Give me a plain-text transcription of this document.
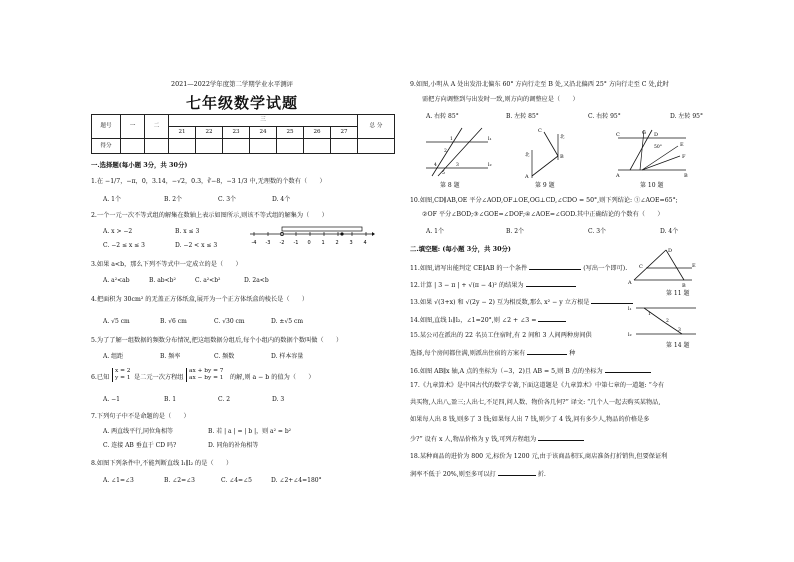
2021—2022学年度第二学期学业水平测评
七年级数学试题
题号	一	二	三							总 分
			21	22	23	24	25	26	27	
得分										
一.选择题(每小题 3分，共 30分)
1.在 −1/7，−π，0，3.14，−√2，0.3，∛−8，−3 1/3 中,无理数的个数有（　　）
A. 1个	B. 2个	C. 3个	D. 4个
2.一个一元一次不等式组的解集在数轴上表示如图所示,则该不等式组的解集为（　　）
A. x > −2	B. x ≤ 3
C. −2 ≤ x ≤ 3	D. −2 < x ≤ 3	-4 -3 -2 -1 0 1 2 3 4
3.如果 a<b，那么下列不等式中一定成立的是（　　）
A. a²<ab	B. ab<b²	C. a²<b²	D. 2a<b
4.把面积为 30cm² 的无盖正方体纸盒,展开为一个正方体纸盒的棱长是（　　）
A. √5 cm	B. √6 cm	C. √30 cm	D. ±√5 cm
5.为了了解一组数据的频数分布情况,把这组数据分组后,每个小组内的数据个数叫做（　　）
A. 组距	B. 频率	C. 频数	D. 样本容量
6.已知
x = 2
y = 1 是二元一次方程组
ax + by = 7
ax − by = 1 的解,则 a − b 的值为（　　）
A. −1	B. 1	C. 2	D. 3
7.下列句子中不是命题的是（　　）
A. 两直线平行,同位角相等	B. 若 | a | = | b |，则 a² = b²
C. 连接 AB 垂直于 CD 吗?	D. 同角的补角相等
8.如图下列条件中,不能判断直线 l₁∥l₂ 的是（　　）
A. ∠1=∠3	B. ∠2=∠3	C. ∠4=∠5	D. ∠2+∠4=180°
9.如图,小明从 A 处出发沿北偏东 60° 方向行走至 B 处,又沿北偏西 25° 方向行走至 C 处,此时
需把方向调整到与出发时一致,则方向的调整应是（　　）
A. 右转 85°	B. 左转 85°	C. 右转 95°	D. 左转 95°
l₁
l₂
1
2
3
4
5
第 8 题
C
北
A
B
北
第 9 题
C	G D
A
E
B
F
50°
第 10 题
10.如图,CD∥AB,OE 平分∠AOD,OF⊥OE,OG⊥CD,∠CDO = 50°,则下列结论: ①∠AOE=65°;
②OF 平分∠BOD;③∠GOE=∠DOF;④∠AOE=∠GOD.其中正确结论的个数有（　　）
A. 1个	B. 2个	C. 3个	D. 4个
二.填空题: (每小题 3分，共 30分)
11.如图,请写出能判定 CE∥AB 的一个条件	(写出一个即可).
12.计算 | 3 − π | + √(π − 4)² 的结果为
13.如果 √(3+x) 和 √(2y − 2) 互为相反数,那么 x² − y 立方根是
14.如图,直线 l₁∥l₂，∠1=20°,则 ∠2 + ∠3 =
15.某公司在派出的 22 名员工住宿时,有 2 间和 3 人间两种房间供
选择,每个房间都住满,则派出住宿的方案有	种
D
C	E
A	B
第 11 题
l₁
l₂
1
2
3
第 14 题
16.如图 AB∥x 轴,A 点的坐标为（−3，2)且 AB = 5,则 B 点的坐标为
17.《九章算术》是中国古代的数学专著,下面这道题是《九章算术》中第七章的一道题: “今有
共买物,人出八,盈三;人出七,不足四,问人数、物价各几何?” 译文: “几个人一起去购买某物品,
如果每人出 8 钱,则多了 3 钱;如果每人出 7 钱,则少了 4 钱,问有多少人,物品的价格是多
少?” 设有 x 人,物品价格为 y 钱,可列方程组为
18.某种商品的进价为 800 元,标价为 1200 元,由于该商品积压,商店准备打折销售,但要保证利
润率不低于 20%,则至多可以打	折.
